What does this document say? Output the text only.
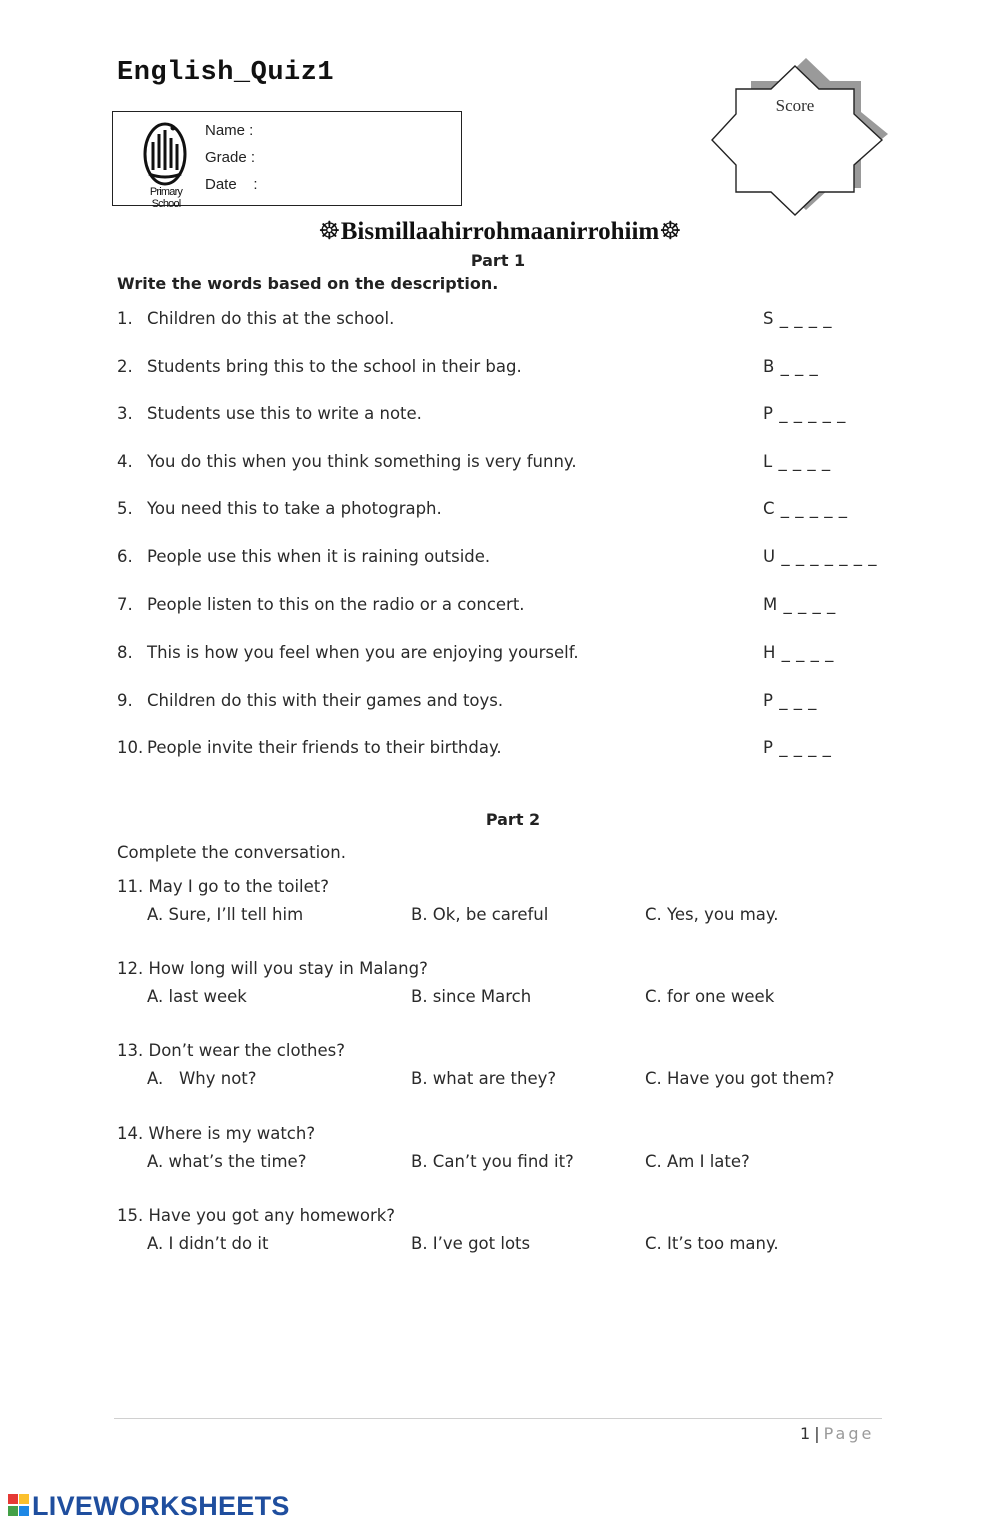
English_Quiz1
Primary School
Name :
Grade :
Date    :
Score
☸Bismillaahirrohmaanirrohiim☸
Part 1
Write the words based on the description.
1. Children do this at the school.	S _ _ _ _
2. Students bring this to the school in their bag.	B _ _ _
3. Students use this to write a note.	P _ _ _ _ _
4. You do this when you think something is very funny.	L _ _ _ _
5. You need this to take a photograph.	C _ _ _ _ _
6. People use this when it is raining outside.	U _ _ _ _ _ _ _
7. People listen to this on the radio or a concert.	M _ _ _ _
8. This is how you feel when you are enjoying yourself.	H _ _ _ _
9. Children do this with their games and toys.	P _ _ _
10. People invite their friends to their birthday.	P _ _ _ _
Part 2
Complete the conversation.
11. May I go to the toilet?
A. Sure, I’ll tell him	B. Ok, be careful	C. Yes, you may.
12. How long will you stay in Malang?
A. last week	B. since March	C. for one week
13. Don’t wear the clothes?
A.   Why not?	B. what are they?	C. Have you got them?
14. Where is my watch?
A. what’s the time?	B. Can’t you find it?	C. Am I late?
15. Have you got any homework?
A. I didn’t do it	B. I’ve got lots	C. It’s too many.
1 | Page
LIVEWORKSHEETS
